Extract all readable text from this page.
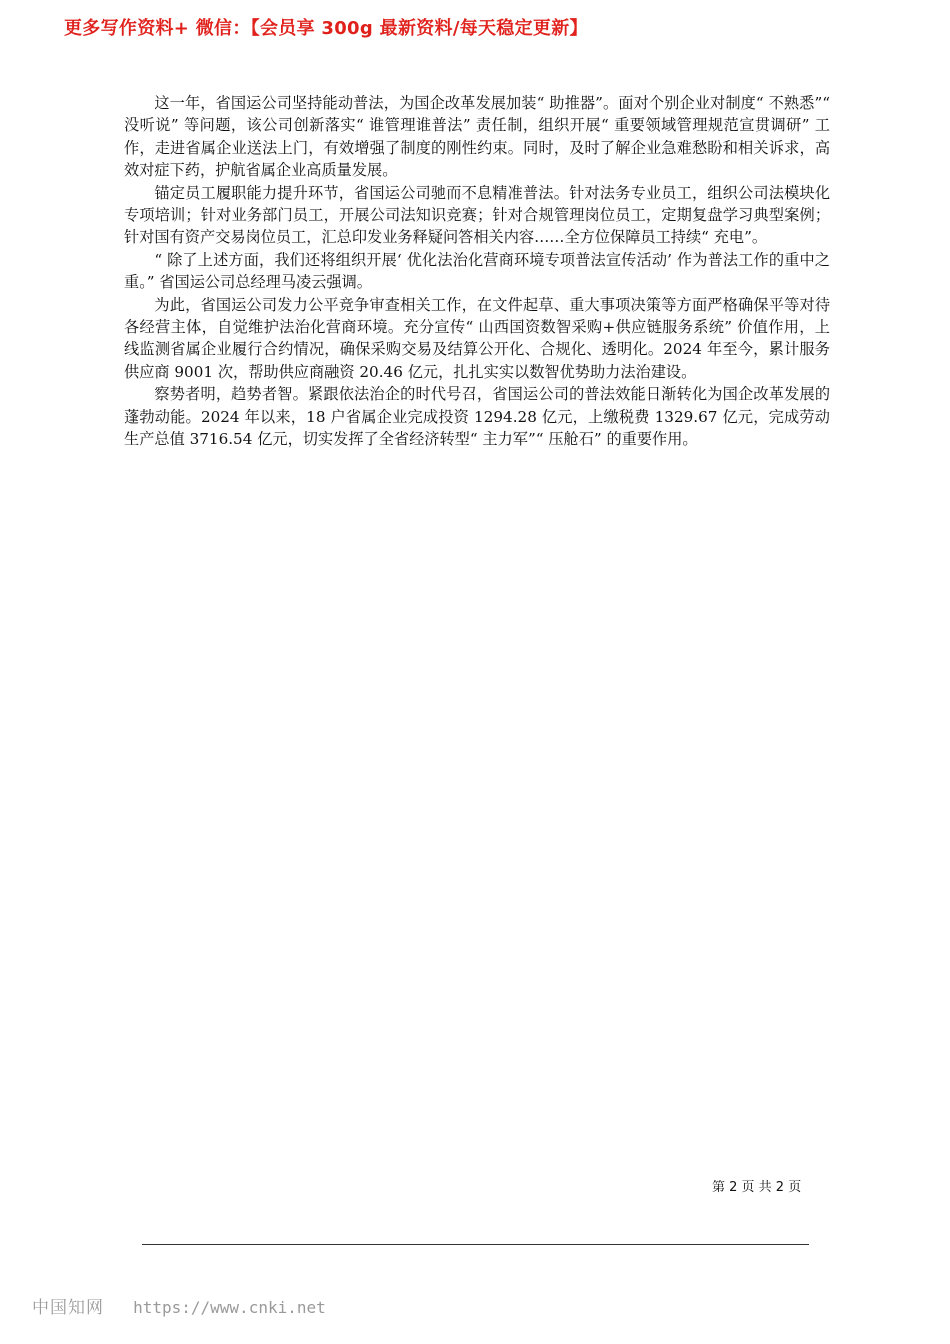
更多写作资料+ 微信：【会员享 300g 最新资料/每天稳定更新】

这一年，省国运公司坚持能动普法，为国企改革发展加装“ 助推器”。面对个别企业对制度“ 不熟悉”“ 没听说” 等问题，该公司创新落实“ 谁管理谁普法” 责任制，组织开展“ 重要领域管理规范宣贯调研” 工作，走进省属企业送法上门，有效增强了制度的刚性约束。同时，及时了解企业急难愁盼和相关诉求，高效对症下药，护航省属企业高质量发展。

锚定员工履职能力提升环节，省国运公司驰而不息精准普法。针对法务专业员工，组织公司法模块化专项培训；针对业务部门员工，开展公司法知识竞赛；针对合规管理岗位员工，定期复盘学习典型案例；针对国有资产交易岗位员工，汇总印发业务释疑问答相关内容……全方位保障员工持续“ 充电”。

“ 除了上述方面，我们还将组织开展‘ 优化法治化营商环境专项普法宣传活动’ 作为普法工作的重中之重。” 省国运公司总经理马凌云强调。

为此，省国运公司发力公平竞争审查相关工作，在文件起草、重大事项决策等方面严格确保平等对待各经营主体，自觉维护法治化营商环境。充分宣传“ 山西国资数智采购+供应链服务系统” 价值作用，上线监测省属企业履行合约情况，确保采购交易及结算公开化、合规化、透明化。2024 年至今，累计服务供应商 9001 次，帮助供应商融资 20.46 亿元，扎扎实实以数智优势助力法治建设。

察势者明，趋势者智。紧跟依法治企的时代号召，省国运公司的普法效能日渐转化为国企改革发展的蓬勃动能。2024 年以来，18 户省属企业完成投资 1294.28 亿元，上缴税费 1329.67 亿元，完成劳动生产总值 3716.54 亿元，切实发挥了全省经济转型“ 主力军”“ 压舱石” 的重要作用。

第 2 页 共 2 页
中国知网 https://www.cnki.net
